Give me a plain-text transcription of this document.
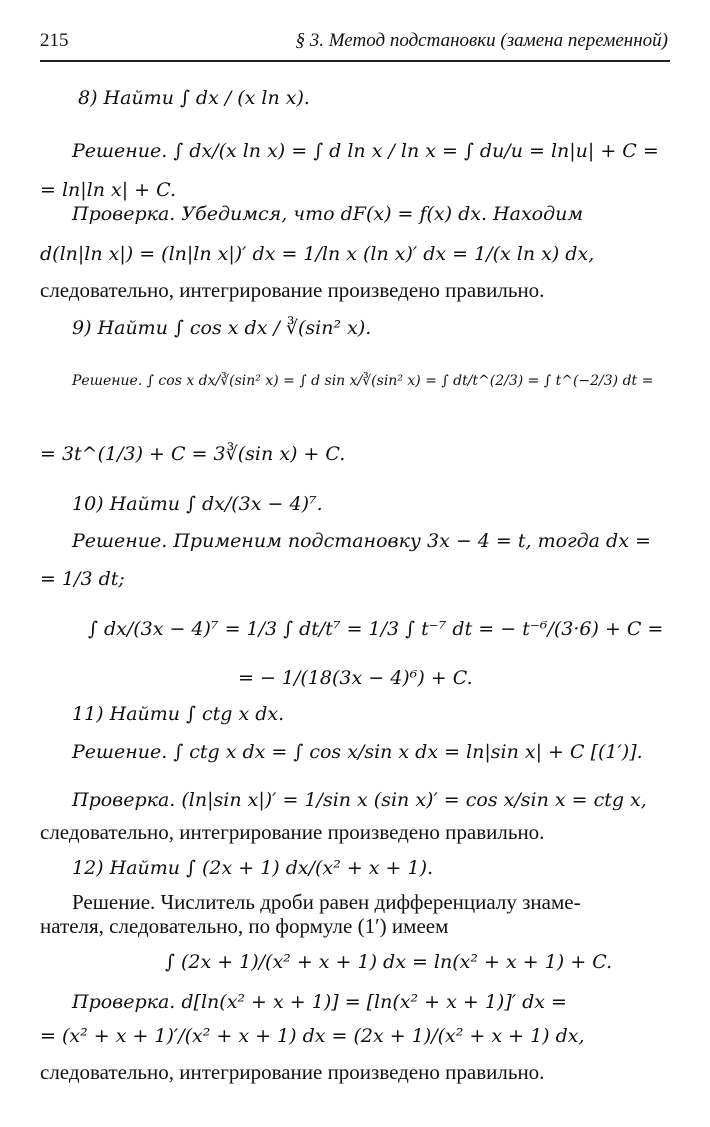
215	§ 3. Метод подстановки (замена переменной)
8) Найти ∫ dx / (x ln x).
Решение. ∫ dx/(x ln x) = ∫ d ln x / ln x = ∫ du/u = ln|u| + C =
= ln|ln x| + C.
Проверка. Убедимся, что dF(x) = f(x) dx. Находим
d(ln|ln x|) = (ln|ln x|)′ dx = 1/ln x (ln x)′ dx = 1/(x ln x) dx,
следовательно, интегрирование произведено правильно.
9) Найти ∫ cos x dx / ∛(sin² x).
Решение. ∫ cos x dx/∛(sin² x) = ∫ d sin x/∛(sin² x) = ∫ dt/t^(2/3) = ∫ t^(−2/3) dt =
= 3t^(1/3) + C = 3∛(sin x) + C.
10) Найти ∫ dx/(3x − 4)⁷.
Решение. Применим подстановку 3x − 4 = t, тогда dx =
= 1/3 dt;
∫ dx/(3x − 4)⁷ = 1/3 ∫ dt/t⁷ = 1/3 ∫ t⁻⁷ dt = − t⁻⁶/(3·6) + C =
= − 1/(18(3x − 4)⁶) + C.
11) Найти ∫ ctg x dx.
Решение. ∫ ctg x dx = ∫ cos x/sin x dx = ln|sin x| + C [(1′)].
Проверка. (ln|sin x|)′ = 1/sin x (sin x)′ = cos x/sin x = ctg x,
следовательно, интегрирование произведено правильно.
12) Найти ∫ (2x + 1) dx/(x² + x + 1).
Решение. Числитель дроби равен дифференциалу знаме-
нателя, следовательно, по формуле (1′) имеем
∫ (2x + 1)/(x² + x + 1) dx = ln(x² + x + 1) + C.
Проверка. d[ln(x² + x + 1)] = [ln(x² + x + 1)]′ dx =
= (x² + x + 1)′/(x² + x + 1) dx = (2x + 1)/(x² + x + 1) dx,
следовательно, интегрирование произведено правильно.
